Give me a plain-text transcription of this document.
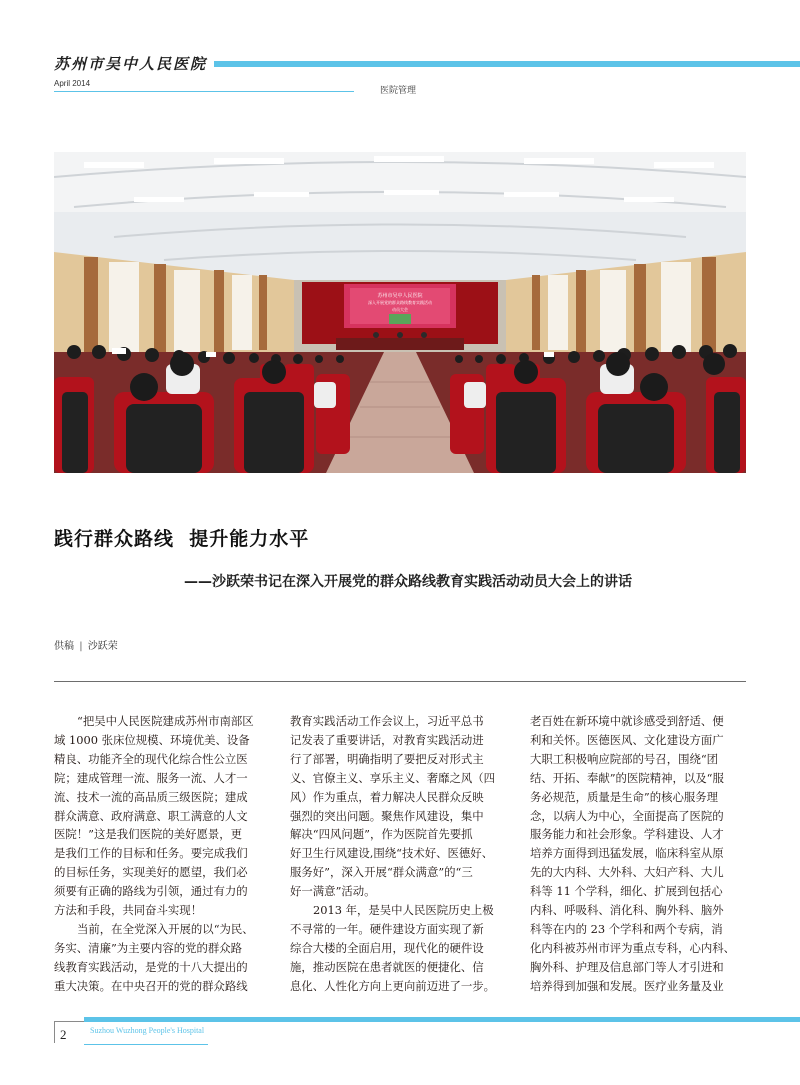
苏州市吴中人民医院
April 2014
医院管理
苏州市吴中人民医院
深入开展党的群众路线教育实践活动
动员大会
践行群众路线  提升能力水平
——沙跃荣书记在深入开展党的群众路线教育实践活动动员大会上的讲话
供稿 | 沙跃荣

“把吴中人民医院建成苏州市南部区

域 1000 张床位规模、环境优美、设备

精良、功能齐全的现代化综合性公立医

院；建成管理一流、服务一流、人才一

流、技术一流的高品质三级医院；建成

群众满意、政府满意、职工满意的人文

医院！”这是我们医院的美好愿景，更

是我们工作的目标和任务。要完成我们

的目标任务，实现美好的愿望，我们必

须要有正确的路线为引领，通过有力的

方法和手段，共同奋斗实现！

当前，在全党深入开展的以“为民、

务实、清廉”为主要内容的党的群众路

线教育实践活动，是党的十八大提出的

重大决策。在中央召开的党的群众路线

教育实践活动工作会议上，习近平总书

记发表了重要讲话，对教育实践活动进

行了部署，明确指明了要把反对形式主

义、官僚主义、享乐主义、奢靡之风（四

风）作为重点，着力解决人民群众反映

强烈的突出问题。聚焦作风建设，集中

解决“四风问题”，作为医院首先要抓

好卫生行风建设,围绕“技术好、医德好、

服务好”，深入开展“群众满意”的“三

好一满意”活动。

2013 年，是吴中人民医院历史上极

不寻常的一年。硬件建设方面实现了新

综合大楼的全面启用，现代化的硬件设

施，推动医院在患者就医的便捷化、信

息化、人性化方向上更向前迈进了一步。

老百姓在新环境中就诊感受到舒适、便

利和关怀。医德医风、文化建设方面广

大职工积极响应院部的号召，围绕“团

结、开拓、奉献”的医院精神，以及“服

务必规范，质量是生命”的核心服务理

念，以病人为中心，全面提高了医院的

服务能力和社会形象。学科建设、人才

培养方面得到迅猛发展，临床科室从原

先的大内科、大外科、大妇产科、大儿

科等 11 个学科，细化、扩展到包括心

内科、呼吸科、消化科、胸外科、脑外

科等在内的 23 个学科和两个专病，消

化内科被苏州市评为重点专科，心内科、

胸外科、护理及信息部门等人才引进和

培养得到加强和发展。医疗业务量及业

2	Suzhou Wuzhong People's Hospital
